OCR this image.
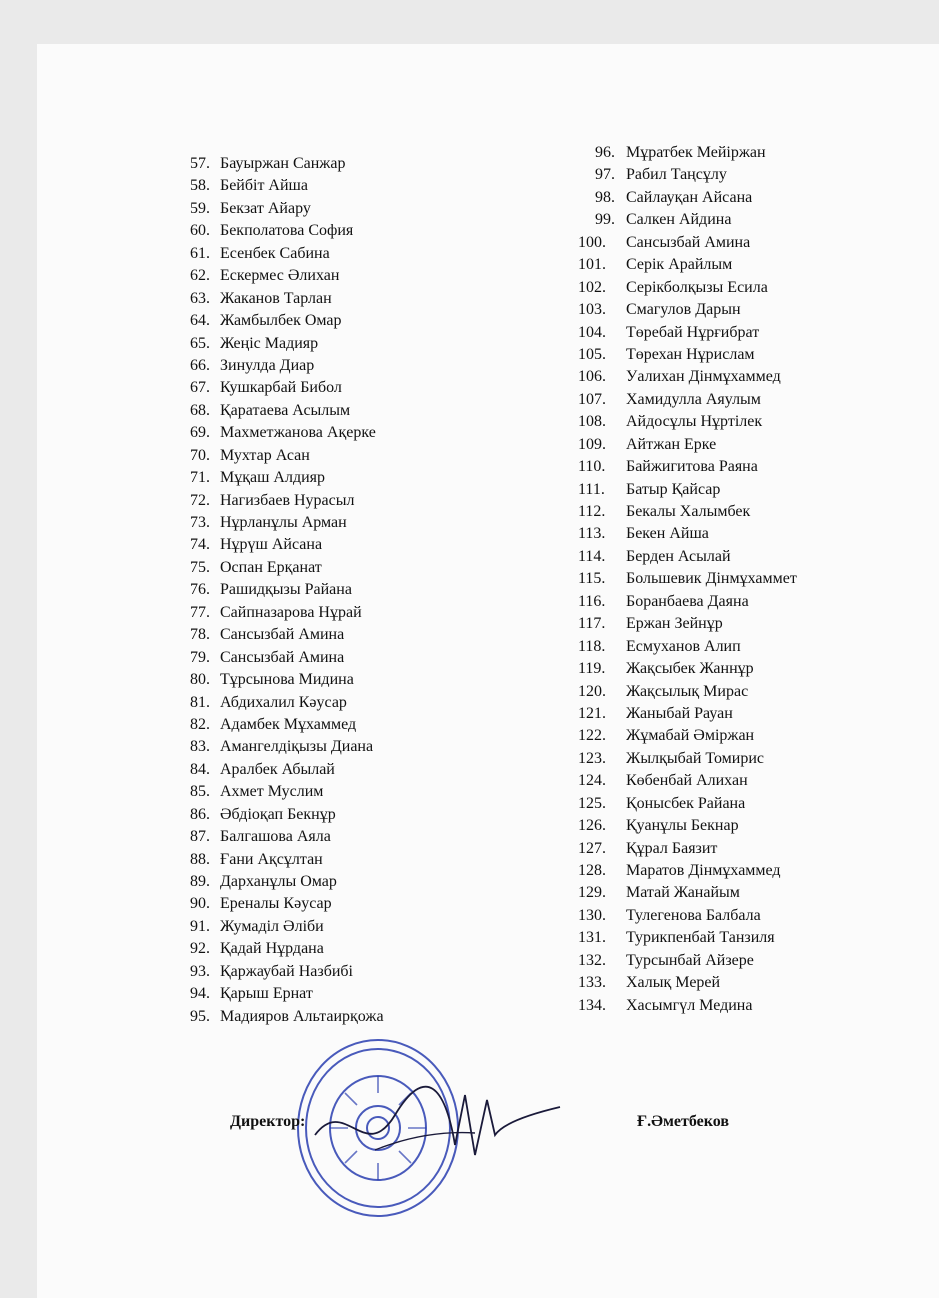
57. Бауыржан Санжар
58. Бейбіт Айша
59. Бекзат Айару
60. Бекполатова София
61. Есенбек Сабина
62. Ескермес Әлихан
63. Жаканов Тарлан
64. Жамбылбек Омар
65. Жеңіс Мадияр
66. Зинулда Диар
67. Кушкарбай Бибол
68. Қаратаева Асылым
69. Махметжанова Ақерке
70. Мухтар Асан
71. Мұқаш Алдияр
72. Нагизбаев Нурасыл
73. Нұрланұлы Арман
74. Нұрүш Айсана
75. Оспан Ерқанат
76. Рашидқызы Райана
77. Сайпназарова Нұрай
78. Сансызбай Амина
79. Сансызбай Амина
80. Тұрсынова Мидина
81. Абдихалил Кәусар
82. Адамбек Мұхаммед
83. Амангелдіқызы Диана
84. Аралбек Абылай
85. Ахмет Муслим
86. Әбдіоқап Бекнұр
87. Балгашова Аяла
88. Ғани Ақсұлтан
89. Дарханұлы Омар
90. Ереналы Кәусар
91. Жумаділ Әліби
92. Қадай Нұрдана
93. Қаржаубай Назбибі
94. Қарыш Ернат
95. Мадияров Альтаирқожа
96. Мұратбек Мейіржан
97. Рабил Таңсұлу
98. Сайлауқан Айсана
99. Салкен Айдина
100. Сансызбай Амина
101. Серік Арайлым
102. Серікболқызы Есила
103. Смагулов Дарын
104. Төребай Нұрғибрат
105. Төрехан Нұрислам
106. Уалихан Дінмұхаммед
107. Хамидулла Аяулым
108. Айдосұлы Нұртілек
109. Айтжан Ерке
110. Байжигитова Раяна
111. Батыр Қайсар
112. Бекалы Халымбек
113. Бекен Айша
114. Берден Асылай
115. Большевик Дінмұхаммет
116. Боранбаева Даяна
117. Ержан Зейнұр
118. Есмуханов Алип
119. Жақсыбек Жаннұр
120. Жақсылық Мирас
121. Жаныбай Рауан
122. Жұмабай Әміржан
123. Жылқыбай Томирис
124. Көбенбай Алихан
125. Қоныcбек Райана
126. Қуанұлы Бекнар
127. Құрал Баязит
128. Маратов Дінмұхаммед
129. Матай Жанайым
130. Тулегенова Балбала
131. Турикпенбай Танзиля
132. Турсынбай Айзере
133. Халық Мерей
134. Хасымгүл Медина
Директор:	Ғ.Әметбеков
